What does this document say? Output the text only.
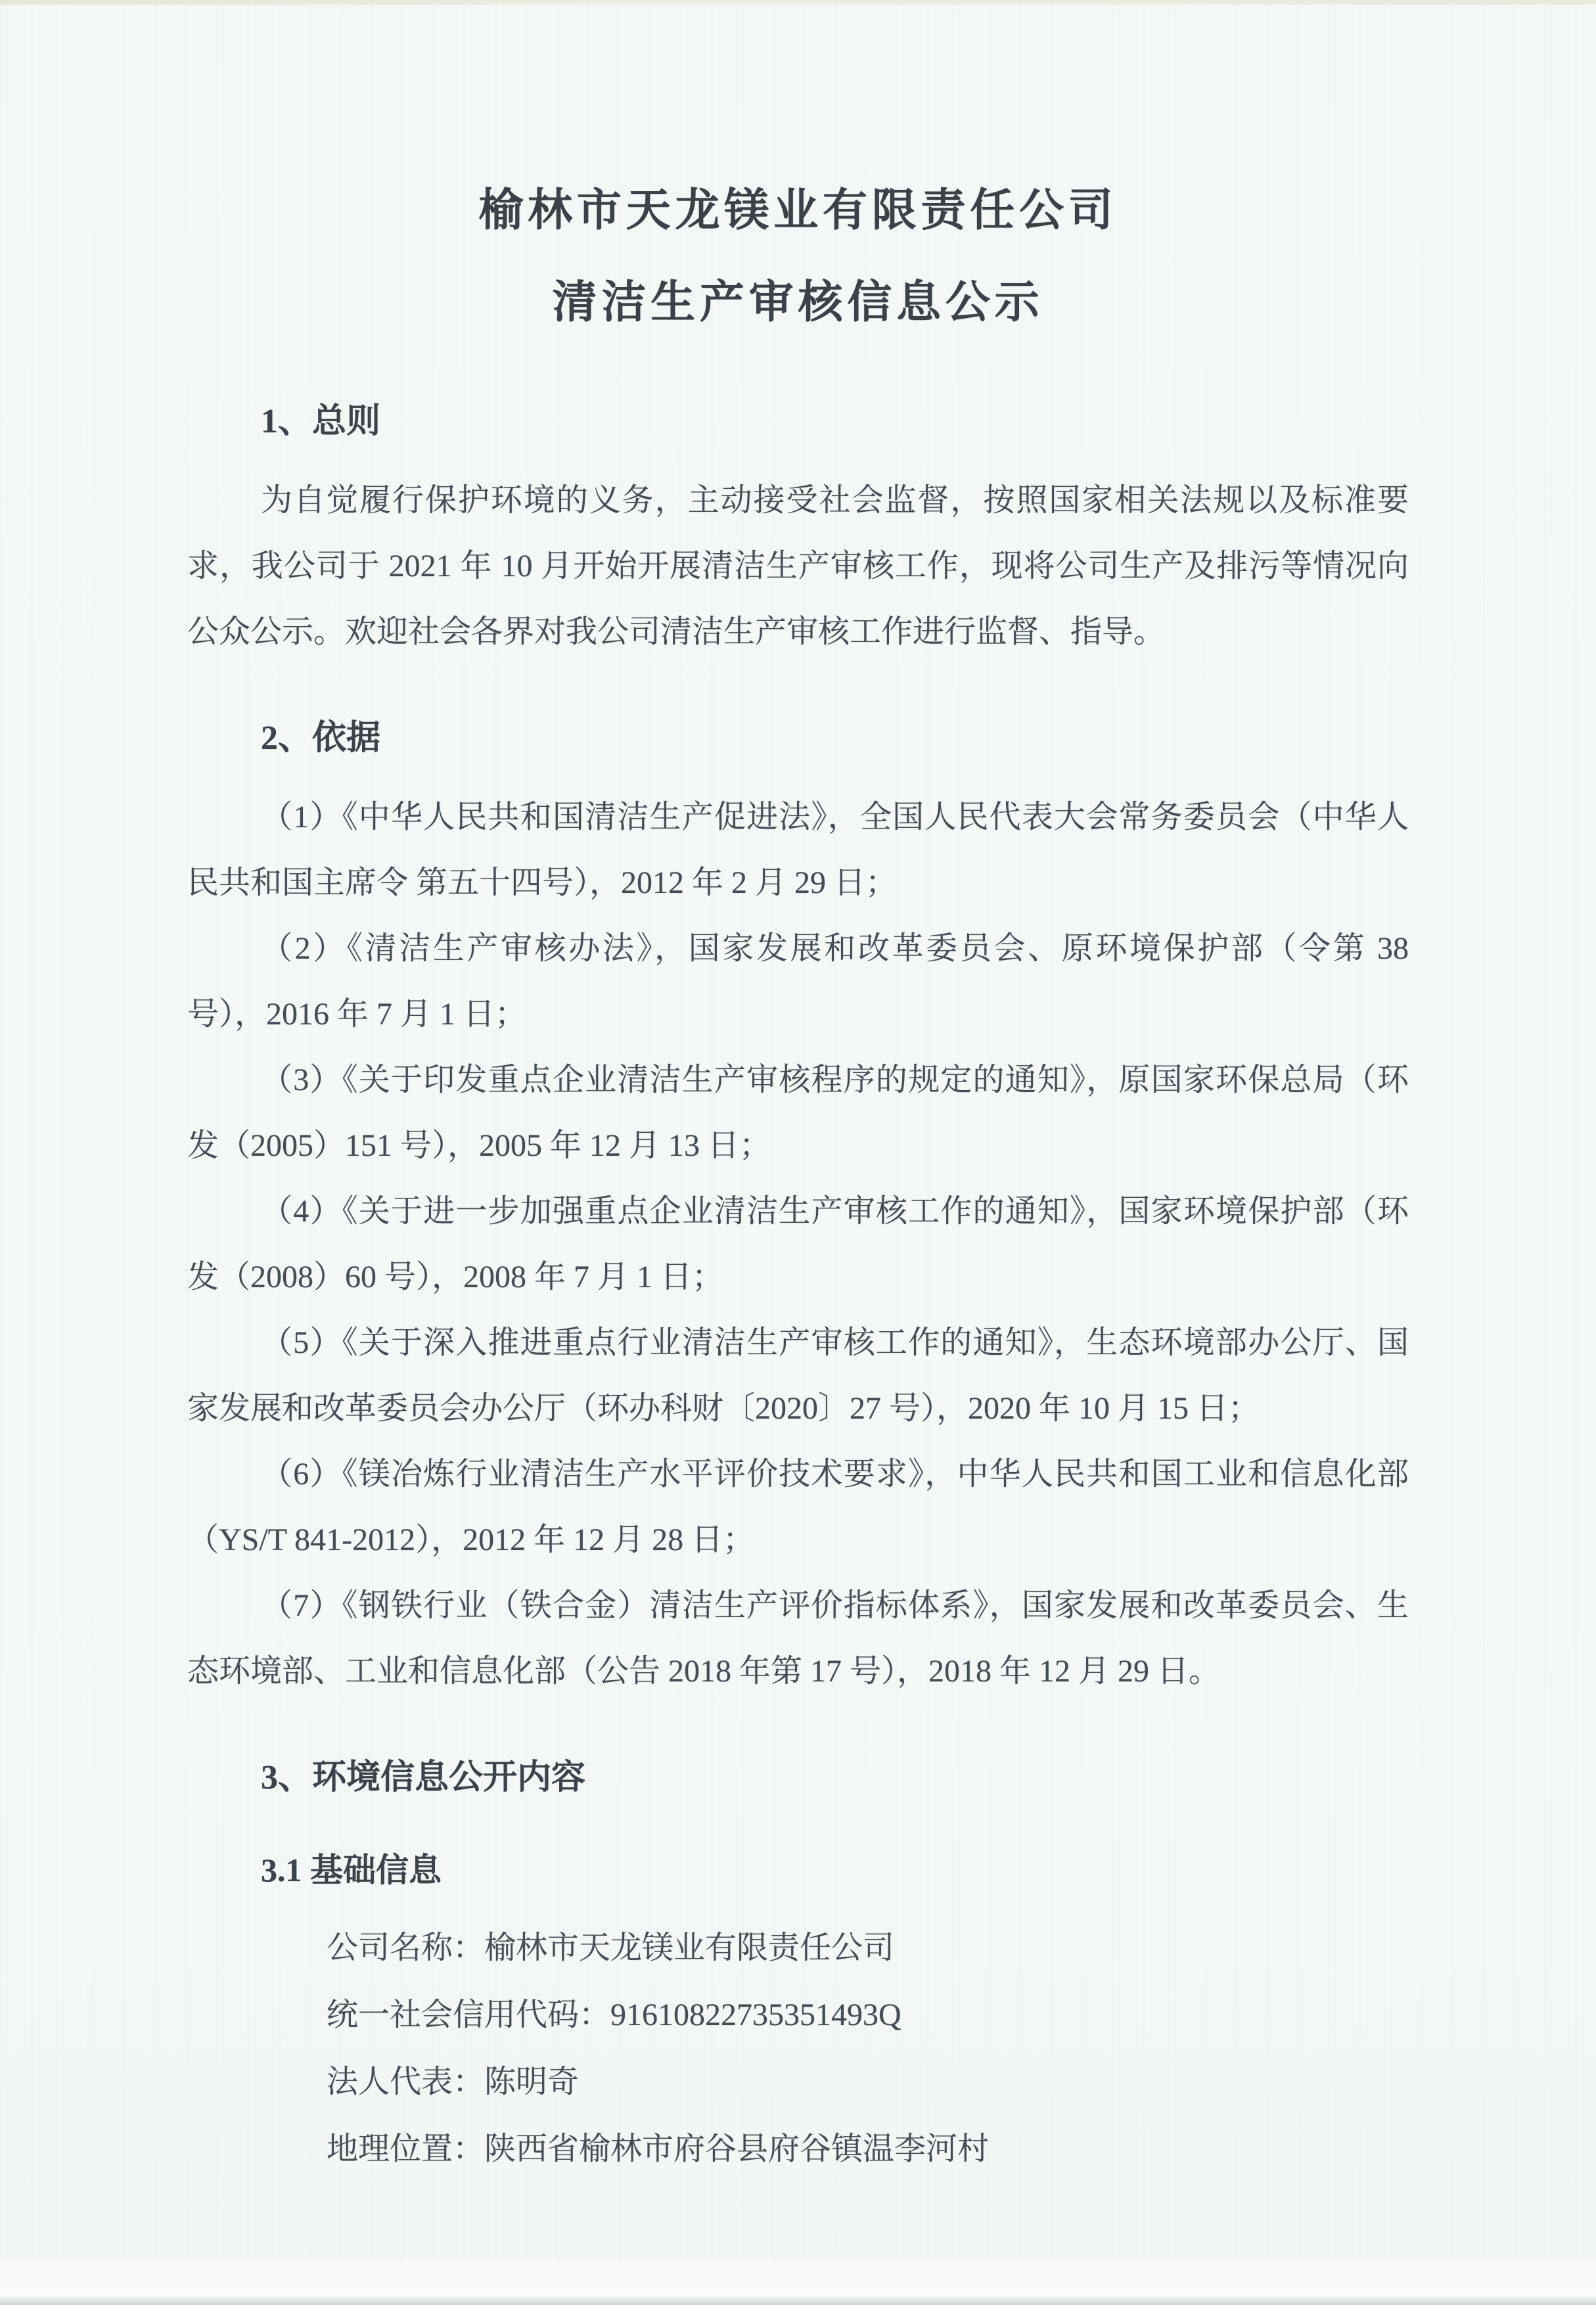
榆林市天龙镁业有限责任公司
清洁生产审核信息公示
1、总则

为自觉履行保护环境的义务，主动接受社会监督，按照国家相关法规以及标准要求，我公司于 2021 年 10 月开始开展清洁生产审核工作，现将公司生产及排污等情况向公众公示。欢迎社会各界对我公司清洁生产审核工作进行监督、指导。

2、依据

（1）《中华人民共和国清洁生产促进法》，全国人民代表大会常务委员会（中华人民共和国主席令 第五十四号），2012 年 2 月 29 日；

（2）《清洁生产审核办法》，国家发展和改革委员会、原环境保护部（令第 38 号），2016 年 7 月 1 日；

（3）《关于印发重点企业清洁生产审核程序的规定的通知》，原国家环保总局（环发（2005）151 号），2005 年 12 月 13 日；

（4）《关于进一步加强重点企业清洁生产审核工作的通知》，国家环境保护部（环发（2008）60 号），2008 年 7 月 1 日；

（5）《关于深入推进重点行业清洁生产审核工作的通知》，生态环境部办公厅、国家发展和改革委员会办公厅（环办科财〔2020〕27 号），2020 年 10 月 15 日；

（6）《镁冶炼行业清洁生产水平评价技术要求》，中华人民共和国工业和信息化部（YS/T 841-2012），2012 年 12 月 28 日；

（7）《钢铁行业（铁合金）清洁生产评价指标体系》，国家发展和改革委员会、生态环境部、工业和信息化部（公告 2018 年第 17 号），2018 年 12 月 29 日。

3、环境信息公开内容
3.1 基础信息

公司名称：榆林市天龙镁业有限责任公司

统一社会信用代码：91610822735351493Q

法人代表：陈明奇

地理位置：陕西省榆林市府谷县府谷镇温李河村
